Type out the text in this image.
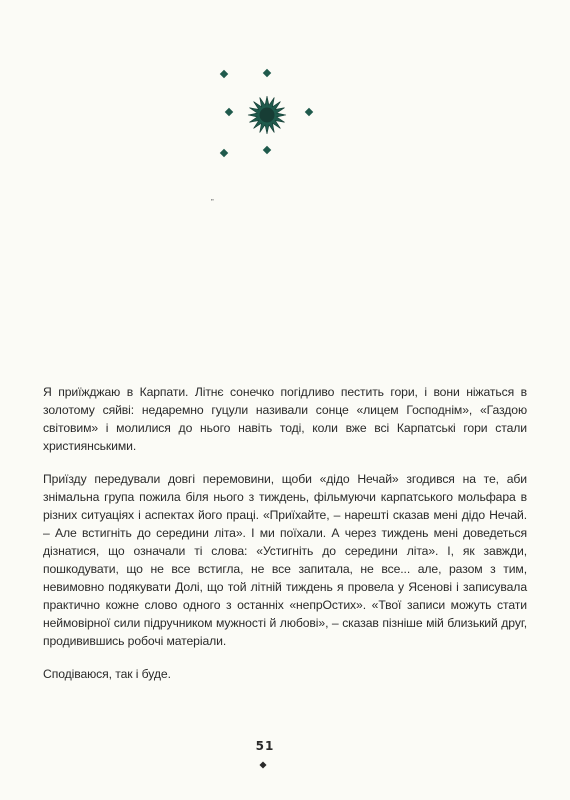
”

Я приїжджаю в Карпати. Літнє сонечко погідливо пестить гори, і вони ніжаться в золотому сяйві: недаремно гуцули називали сонце «лицем Господнім», «Газдою світовим» і молилися до нього навіть тоді, коли вже всі Карпатські гори стали християнськими.

Приїзду передували довгі перемовини, щоби «дідо Нечай» згодився на те, аби знімальна група пожила біля нього з тиждень, фільмуючи карпатського мольфара в різних ситуаціях і аспектах його праці. «Приїхайте, – нарешті сказав мені дідо Нечай. – Але встигніть до середини літа». І ми поїхали. А через тиждень мені доведеться дізнатися, що означали ті слова: «Устигніть до середини літа». І, як завжди, пошкодувати, що не все встигла, не все запитала, не все... але, разом з тим, невимовно подякувати Долі, що той літній тиждень я провела у Ясенові і записувала практично кожне слово одного з останніх «непрОстих». «Твої записи можуть стати неймовірної сили підручником мужності й любові», – сказав пізніше мій близький друг, продивившись робочі матеріали.

Сподіваюся, так і буде.

51
